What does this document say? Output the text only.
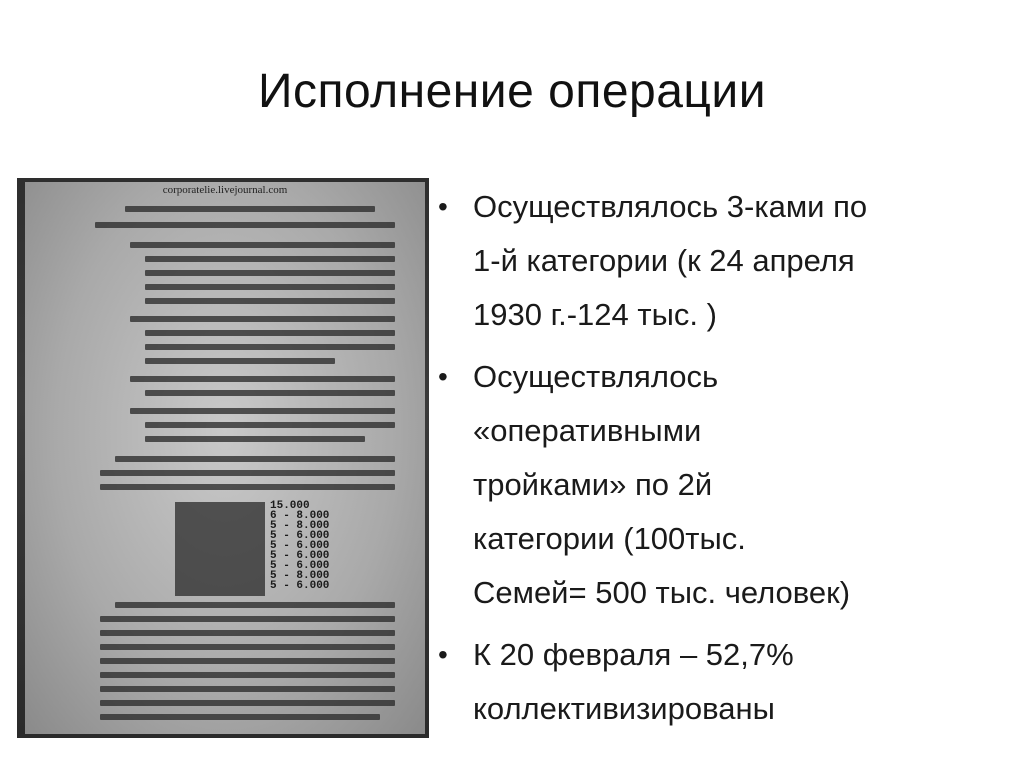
Исполнение операции
corporatelie.livejournal.com
15.000
6 - 8.000
5 - 8.000
5 - 6.000
5 - 6.000
5 - 6.000
5 - 6.000
5 - 8.000
5 - 6.000
• Осуществлялось 3-ками по
1-й категории (к 24 апреля
1930 г.-124 тыс. )
• Осуществлялось
«оперативными
тройками» по 2й
категории (100тыс.
Семей= 500 тыс. человек)
• К 20 февраля – 52,7%
коллективизированы
